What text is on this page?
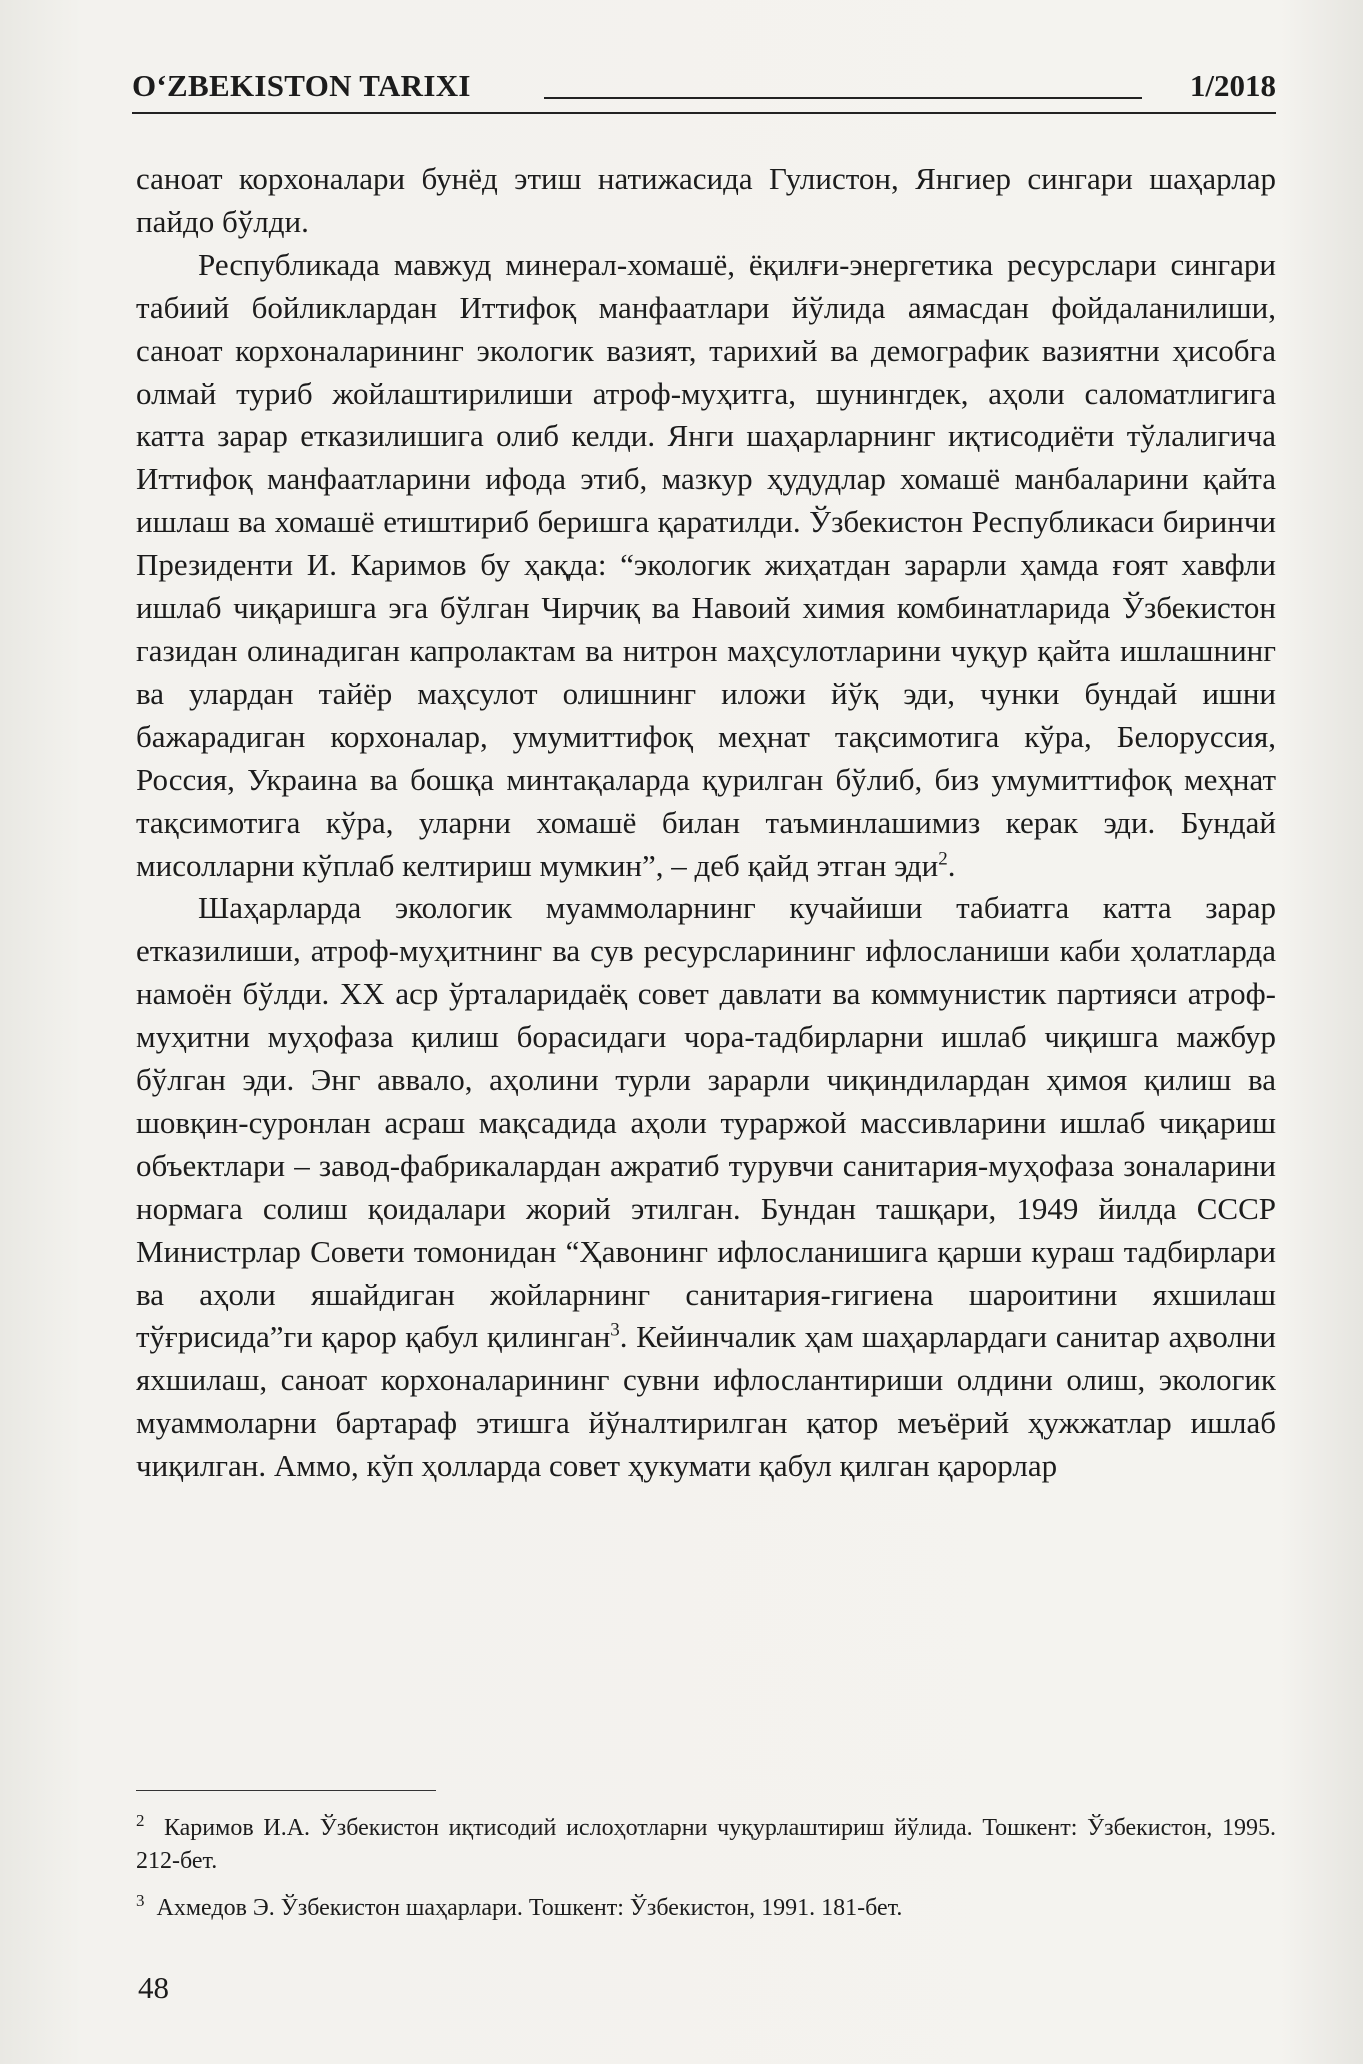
O‘ZBEKISTON TARIXI	1/2018

саноат корхоналари бунёд этиш натижасида Гулистон, Янгиер сингари шаҳарлар пайдо бўлди.

Республикада мавжуд минерал-хомашё, ёқилғи-энергетика ресурслари сингари табиий бойликлардан Иттифоқ манфаатлари йўлида аямасдан фойдаланилиши, саноат корхоналарининг экологик вазият, тарихий ва демографик вазиятни ҳисобга олмай туриб жойлаштирилиши атроф-муҳитга, шунингдек, аҳоли саломатлигига катта зарар етказилишига олиб келди. Янги шаҳарларнинг иқтисодиёти тўлалигича Иттифоқ манфаатларини ифода этиб, мазкур ҳудудлар хомашё манбаларини қайта ишлаш ва хомашё етиштириб беришга қаратилди. Ўзбекистон Республикаси биринчи Президенти И. Каримов бу ҳақда: “экологик жиҳатдан зарарли ҳамда ғоят хавфли ишлаб чиқаришга эга бўлган Чирчиқ ва Навоий химия комбинатларида Ўзбекистон газидан олинадиган капролактам ва нитрон маҳсулотларини чуқур қайта ишлашнинг ва улардан тайёр маҳсулот олишнинг иложи йўқ эди, чунки бундай ишни бажарадиган корхоналар, умумиттифоқ меҳнат тақсимотига кўра, Белоруссия, Россия, Украина ва бошқа минтақаларда қурилган бўлиб, биз умумиттифоқ меҳнат тақсимотига кўра, уларни хомашё билан таъминлашимиз керак эди. Бундай мисолларни кўплаб келтириш мумкин”, – деб қайд этган эди$^2$.

Шаҳарларда экологик муаммоларнинг кучайиши табиатга катта зарар етказилиши, атроф-муҳитнинг ва сув ресурсларининг ифлосланиши каби ҳолатларда намоён бўлди. XX аср ўрталаридаёқ совет давлати ва коммунистик партияси атроф-муҳитни муҳофаза қилиш борасидаги чора-тадбирларни ишлаб чиқишга мажбур бўлган эди. Энг аввало, аҳолини турли зарарли чиқиндилардан ҳимоя қилиш ва шовқин-суронлан асраш мақсадида аҳоли тураржой массивларини ишлаб чиқариш объектлари – завод-фабрикалардан ажратиб турувчи санитария-муҳофаза зоналарини нормага солиш қоидалари жорий этилган. Бундан ташқари, 1949 йилда СССР Министрлар Совети томонидан “Ҳавонинг ифлосланишига қарши кураш тадбирлари ва аҳоли яшайдиган жойларнинг санитария-гигиена шароитини яхшилаш тўғрисида”ги қарор қабул қилинган$^3$. Кейинчалик ҳам шаҳарлардаги санитар аҳволни яхшилаш, саноат корхоналарининг сувни ифлослантириши олдини олиш, экологик муаммоларни бартараф этишга йўналтирилган қатор меъёрий ҳужжатлар ишлаб чиқилган. Аммо, кўп ҳолларда совет ҳукумати қабул қилган қарорлар

$^2$ Каримов И.А. Ўзбекистон иқтисодий ислоҳотларни чуқурлаштириш йўлида. Тошкент: Ўзбекистон, 1995. 212-бет.

$^3$ Ахмедов Э. Ўзбекистон шаҳарлари. Тошкент: Ўзбекистон, 1991. 181-бет.

48
